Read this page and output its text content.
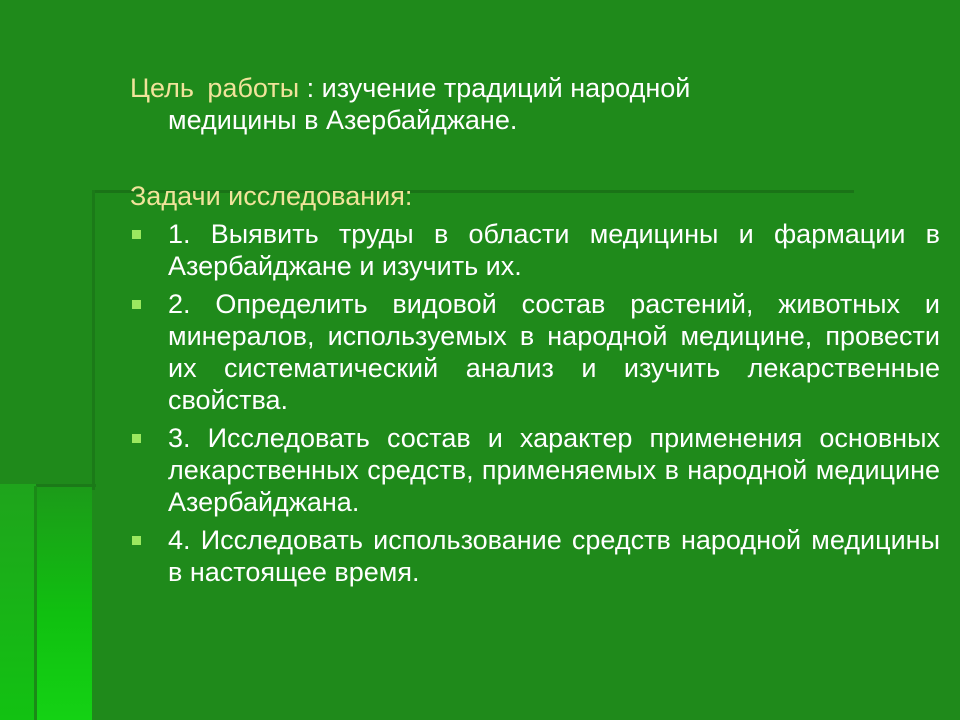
Цель работы : изучение традиций народной
медицины в Азербайджане.
Задачи исследования:
1. Выявить труды в области медицины и фармации в Азербайджане и изучить их.
2. Определить видовой состав растений, животных и минералов, используемых в народной медицине, провести их систематический анализ и изучить лекарственные свойства.
3. Исследовать состав и характер применения основных лекарственных средств, применяемых в народной медицине Азербайджана.
4. Исследовать использование средств народной медицины в настоящее время.
